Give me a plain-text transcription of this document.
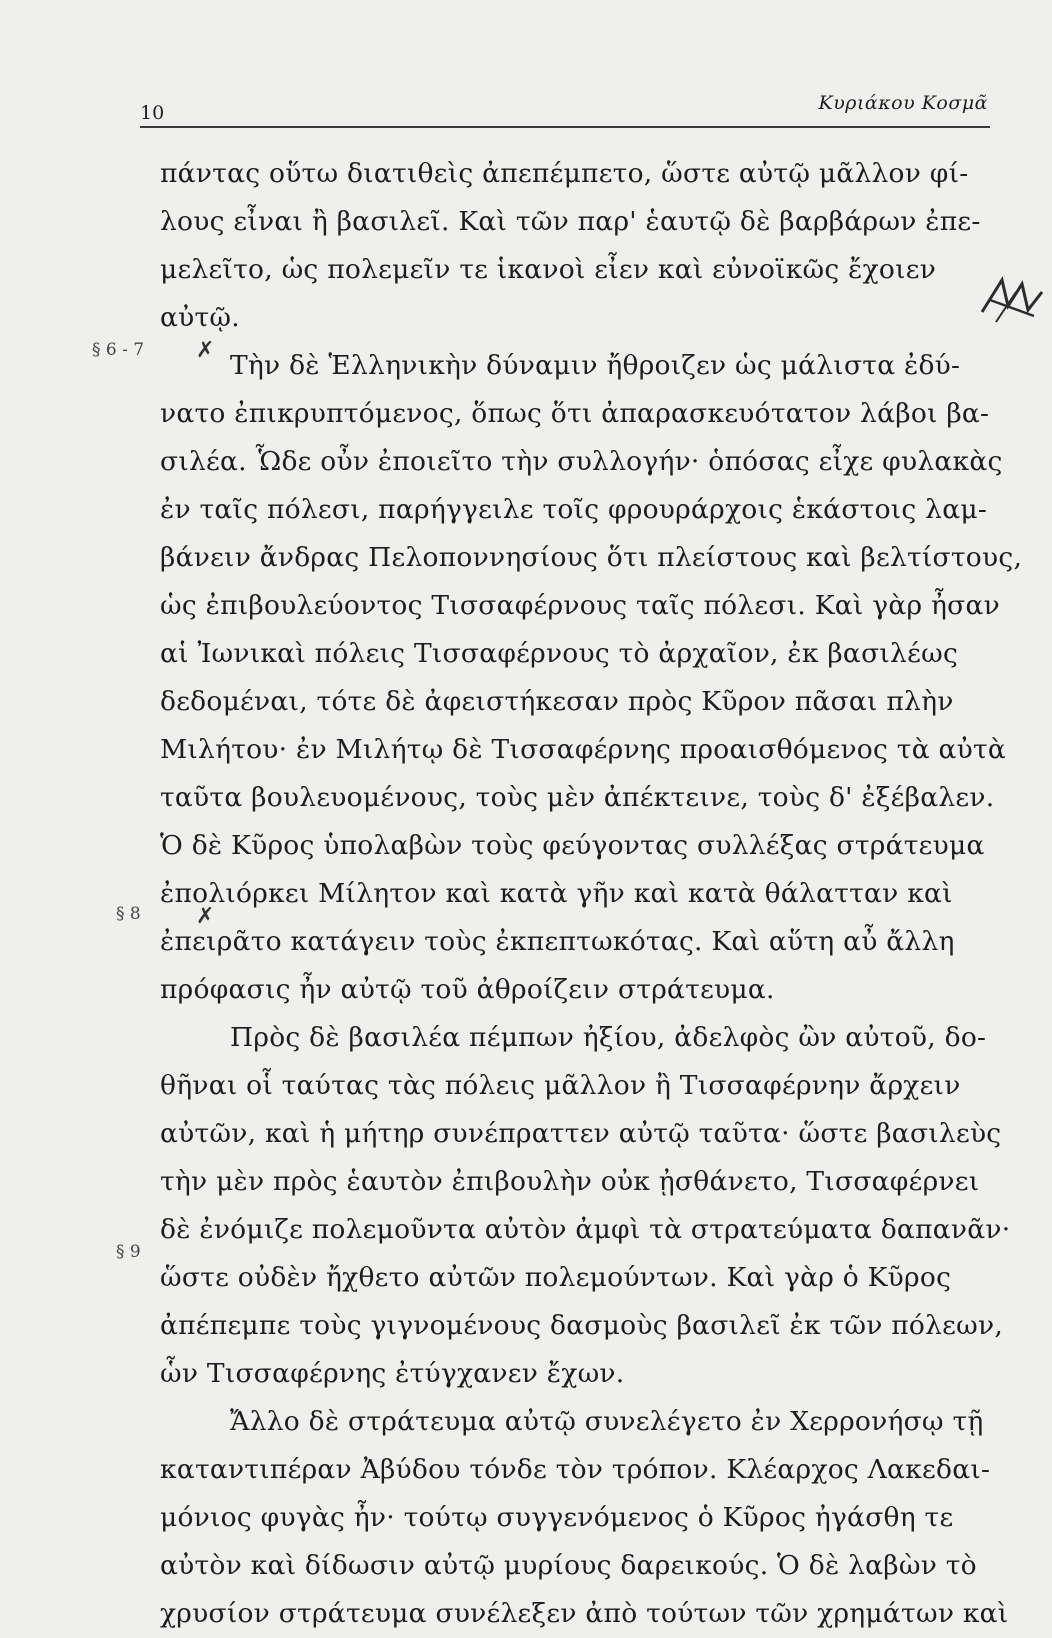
10	Κυριάκου Κοσμᾶ
πάντας οὕτω διατιθεὶς ἀπεπέμπετο, ὥστε αὐτῷ μᾶλλον φί-
λους εἶναι ἢ βασιλεῖ. Καὶ τῶν παρ' ἑαυτῷ δὲ βαρβάρων ἐπε-
μελεῖτο, ὡς πολεμεῖν τε ἱκανοὶ εἶεν καὶ εὐνοϊκῶς ἔχοιεν
αὐτῷ.
Τὴν δὲ Ἑλληνικὴν δύναμιν ἤθροιζεν ὡς μάλιστα ἐδύ-
νατο ἐπικρυπτόμενος, ὅπως ὅτι ἀπαρασκευότατον λάβοι βα-
σιλέα. Ὧδε οὖν ἐποιεῖτο τὴν συλλογήν· ὁπόσας εἶχε φυλακὰς
ἐν ταῖς πόλεσι, παρήγγειλε τοῖς φρουράρχοις ἑκάστοις λαμ-
βάνειν ἄνδρας Πελοποννησίους ὅτι πλείστους καὶ βελτίστους,
ὡς ἐπιβουλεύοντος Τισσαφέρνους ταῖς πόλεσι. Καὶ γὰρ ἦσαν
αἱ Ἰωνικαὶ πόλεις Τισσαφέρνους τὸ ἀρχαῖον, ἐκ βασιλέως
δεδομέναι, τότε δὲ ἀφειστήκεσαν πρὸς Κῦρον πᾶσαι πλὴν
Μιλήτου· ἐν Μιλήτῳ δὲ Τισσαφέρνης προαισθόμενος τὰ αὐτὰ
ταῦτα βουλευομένους, τοὺς μὲν ἀπέκτεινε, τοὺς δ' ἐξέβαλεν.
Ὁ δὲ Κῦρος ὑπολαβὼν τοὺς φεύγοντας συλλέξας στράτευμα
ἐπολιόρκει Μίλητον καὶ κατὰ γῆν καὶ κατὰ θάλατταν καὶ
ἐπειρᾶτο κατάγειν τοὺς ἐκπεπτωκότας. Καὶ αὕτη αὖ ἄλλη
πρόφασις ἦν αὐτῷ τοῦ ἀθροίζειν στράτευμα.
Πρὸς δὲ βασιλέα πέμπων ἠξίου, ἀδελφὸς ὢν αὐτοῦ, δο-
θῆναι οἷ ταύτας τὰς πόλεις μᾶλλον ἢ Τισσαφέρνην ἄρχειν
αὐτῶν, καὶ ἡ μήτηρ συνέπραττεν αὐτῷ ταῦτα· ὥστε βασιλεὺς
τὴν μὲν πρὸς ἑαυτὸν ἐπιβουλὴν οὐκ ᾐσθάνετο, Τισσαφέρνει
δὲ ἐνόμιζε πολεμοῦντα αὐτὸν ἀμφὶ τὰ στρατεύματα δαπανᾶν·
ὥστε οὐδὲν ἤχθετο αὐτῶν πολεμούντων. Καὶ γὰρ ὁ Κῦρος
ἀπέπεμπε τοὺς γιγνομένους δασμοὺς βασιλεῖ ἐκ τῶν πόλεων,
ὧν Τισσαφέρνης ἐτύγχανεν ἔχων.
Ἄλλο δὲ στράτευμα αὐτῷ συνελέγετο ἐν Χερρονήσῳ τῇ
καταντιπέραν Ἀβύδου τόνδε τὸν τρόπον. Κλέαρχος Λακεδαι-
μόνιος φυγὰς ἦν· τούτῳ συγγενόμενος ὁ Κῦρος ἠγάσθη τε
αὐτὸν καὶ δίδωσιν αὐτῷ μυρίους δαρεικούς. Ὁ δὲ λαβὼν τὸ
χρυσίον στράτευμα συνέλεξεν ἀπὸ τούτων τῶν χρημάτων καὶ
§ 6 - 7
§ 8
§ 9
✗
✗
